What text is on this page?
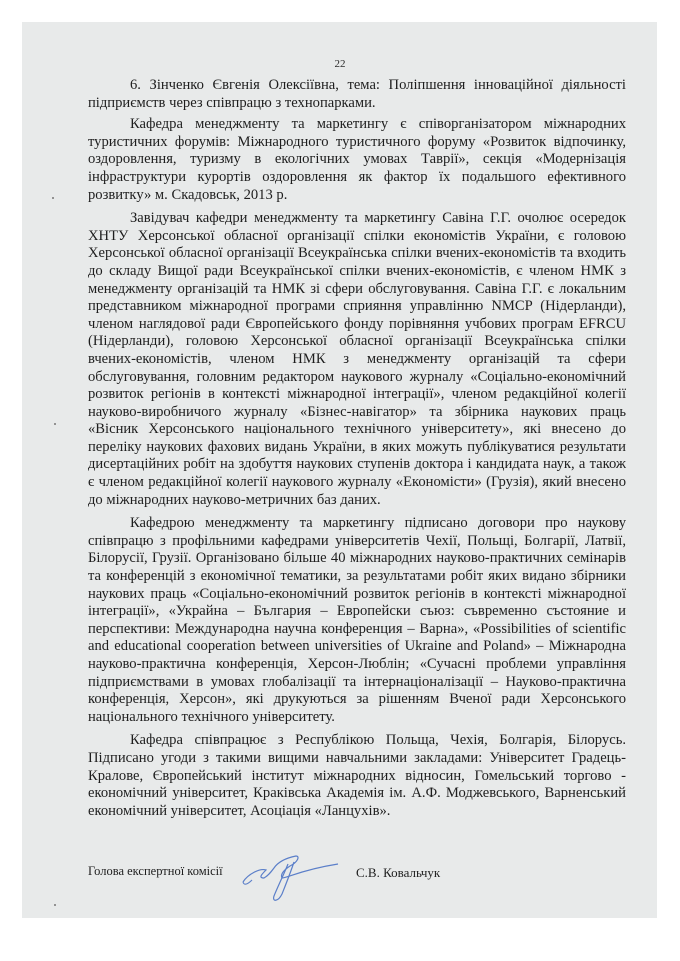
22

6. Зінченко Євгенія Олексіївна, тема: Поліпшення інноваційної діяльності підприємств через співпрацю з технопарками.

Кафедра менеджменту та маркетингу є співорганізатором міжнародних туристичних форумів: Міжнародного туристичного форуму «Розвиток відпочинку, оздоровлення, туризму в екологічних умовах Таврії», секція «Модернізація інфраструктури курортів оздоровлення як фактор їх подальшого ефективного розвитку» м. Скадовськ, 2013 р.

Завідувач кафедри менеджменту та маркетингу Савіна Г.Г. очолює осередок ХНТУ Херсонської обласної організації спілки економістів України, є головою Херсонської обласної організації Всеукраїнська спілки вчених-економістів та входить до складу Вищої ради Всеукраїнської спілки вчених-економістів, є членом НМК з менеджменту організацій та НМК зі сфери обслуговування. Савіна Г.Г. є локальним представником міжнародної програми сприяння управлінню NMCP (Нідерланди), членом наглядової ради Європейського фонду порівняння учбових програм EFRCU (Нідерланди), головою Херсонської обласної організації Всеукраїнська спілки вчених-економістів, членом НМК з менеджменту організацій та сфери обслуговування, головним редактором наукового журналу «Соціально-економічний розвиток регіонів в контексті міжнародної інтеграції», членом редакційної колегії науково-виробничого журналу «Бізнес-навігатор» та збірника наукових праць «Вісник Херсонського національного технічного університету», які внесено до переліку наукових фахових видань України, в яких можуть публікуватися результати дисертаційних робіт на здобуття наукових ступенів доктора і кандидата наук, а також є членом редакційної колегії наукового журналу «Економісти» (Грузія), який внесено до міжнародних науково-метричних баз даних.

Кафедрою менеджменту та маркетингу підписано договори про наукову співпрацю з профільними кафедрами університетів Чехії, Польщі, Болгарії, Латвії, Білорусії, Грузії. Організовано більше 40 міжнародних науково-практичних семінарів та конференцій з економічної тематики, за результатами робіт яких видано збірники наукових праць «Соціально-економічний розвиток регіонів в контексті міжнародної інтеграції», «Украйна – България – Европейски съюз: съвременно състояние и перспективи: Международна научна конференция – Варна», «Possibilities of scientific and educational cooperation between universities of Ukraine and Poland» – Міжнародна науково-практична конференція, Херсон-Люблін; «Сучасні проблеми управління підприємствами в умовах глобалізації та інтернаціоналізації – Науково-практична конференція, Херсон», які друкуються за рішенням Вченої ради Херсонського національного технічного університету.

Кафедра співпрацює з Республікою Польща, Чехія, Болгарія, Білорусь. Підписано угоди з такими вищими навчальними закладами: Університет Градець-Кралове, Європейський інститут міжнародних відносин, Гомельський торгово - економічний університет, Краківська Академія ім. А.Ф. Моджевського, Варненський економічний університет, Асоціація «Ланцухів».

Голова експертної комісії	С.В. Ковальчук
